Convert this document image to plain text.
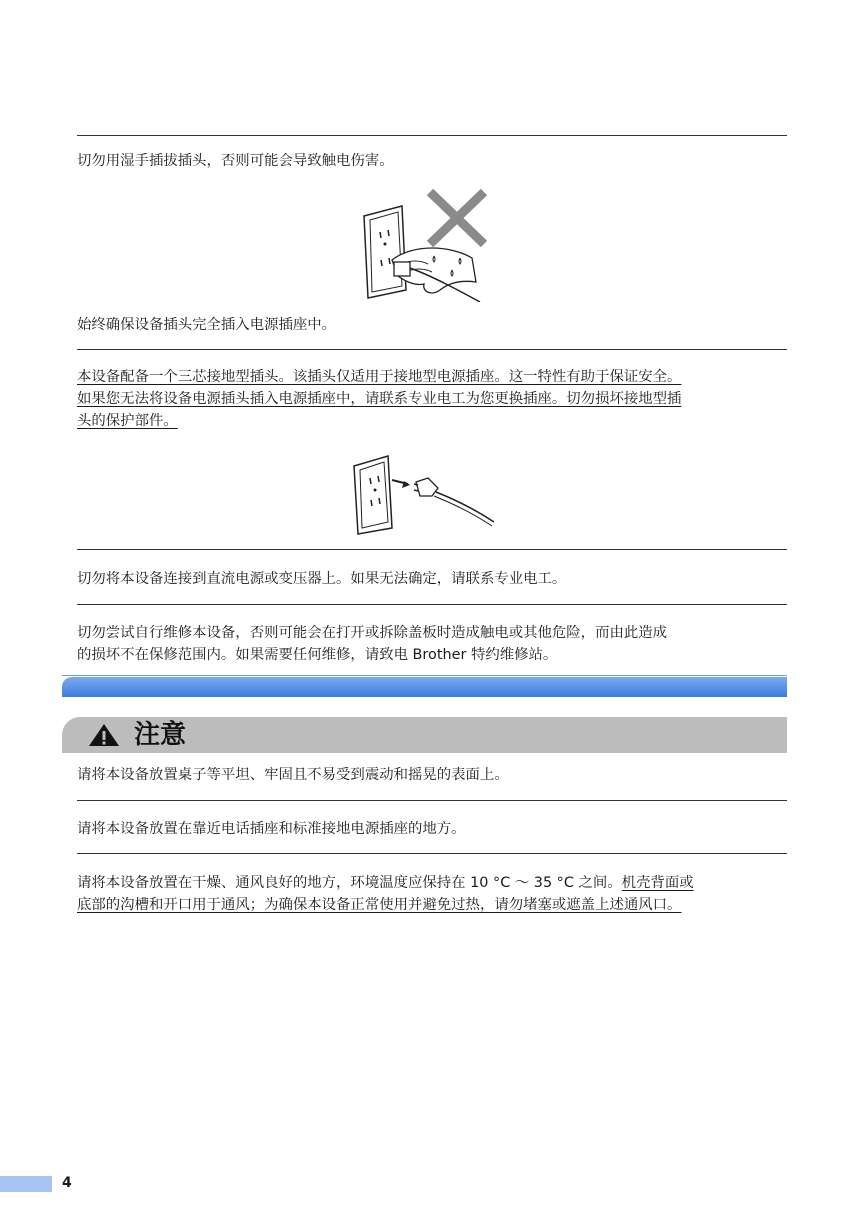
切勿用湿手插拔插头，否则可能会导致触电伤害。

始终确保设备插头完全插入电源插座中。

本设备配备一个三芯接地型插头。该插头仅适用于接地型电源插座。这一特性有助于保证安全。
如果您无法将设备电源插头插入电源插座中，请联系专业电工为您更换插座。切勿损坏接地型插
头的保护部件。

切勿将本设备连接到直流电源或变压器上。如果无法确定，请联系专业电工。

切勿尝试自行维修本设备，否则可能会在打开或拆除盖板时造成触电或其他危险，而由此造成
的损坏不在保修范围内。如果需要任何维修，请致电 Brother 特约维修站。

注意

请将本设备放置桌子等平坦、牢固且不易受到震动和摇晃的表面上。

请将本设备放置在靠近电话插座和标准接地电源插座的地方。

请将本设备放置在干燥、通风良好的地方，环境温度应保持在 10 °C ～ 35 °C 之间。机壳背面或
底部的沟槽和开口用于通风；为确保本设备正常使用并避免过热，请勿堵塞或遮盖上述通风口。

4
